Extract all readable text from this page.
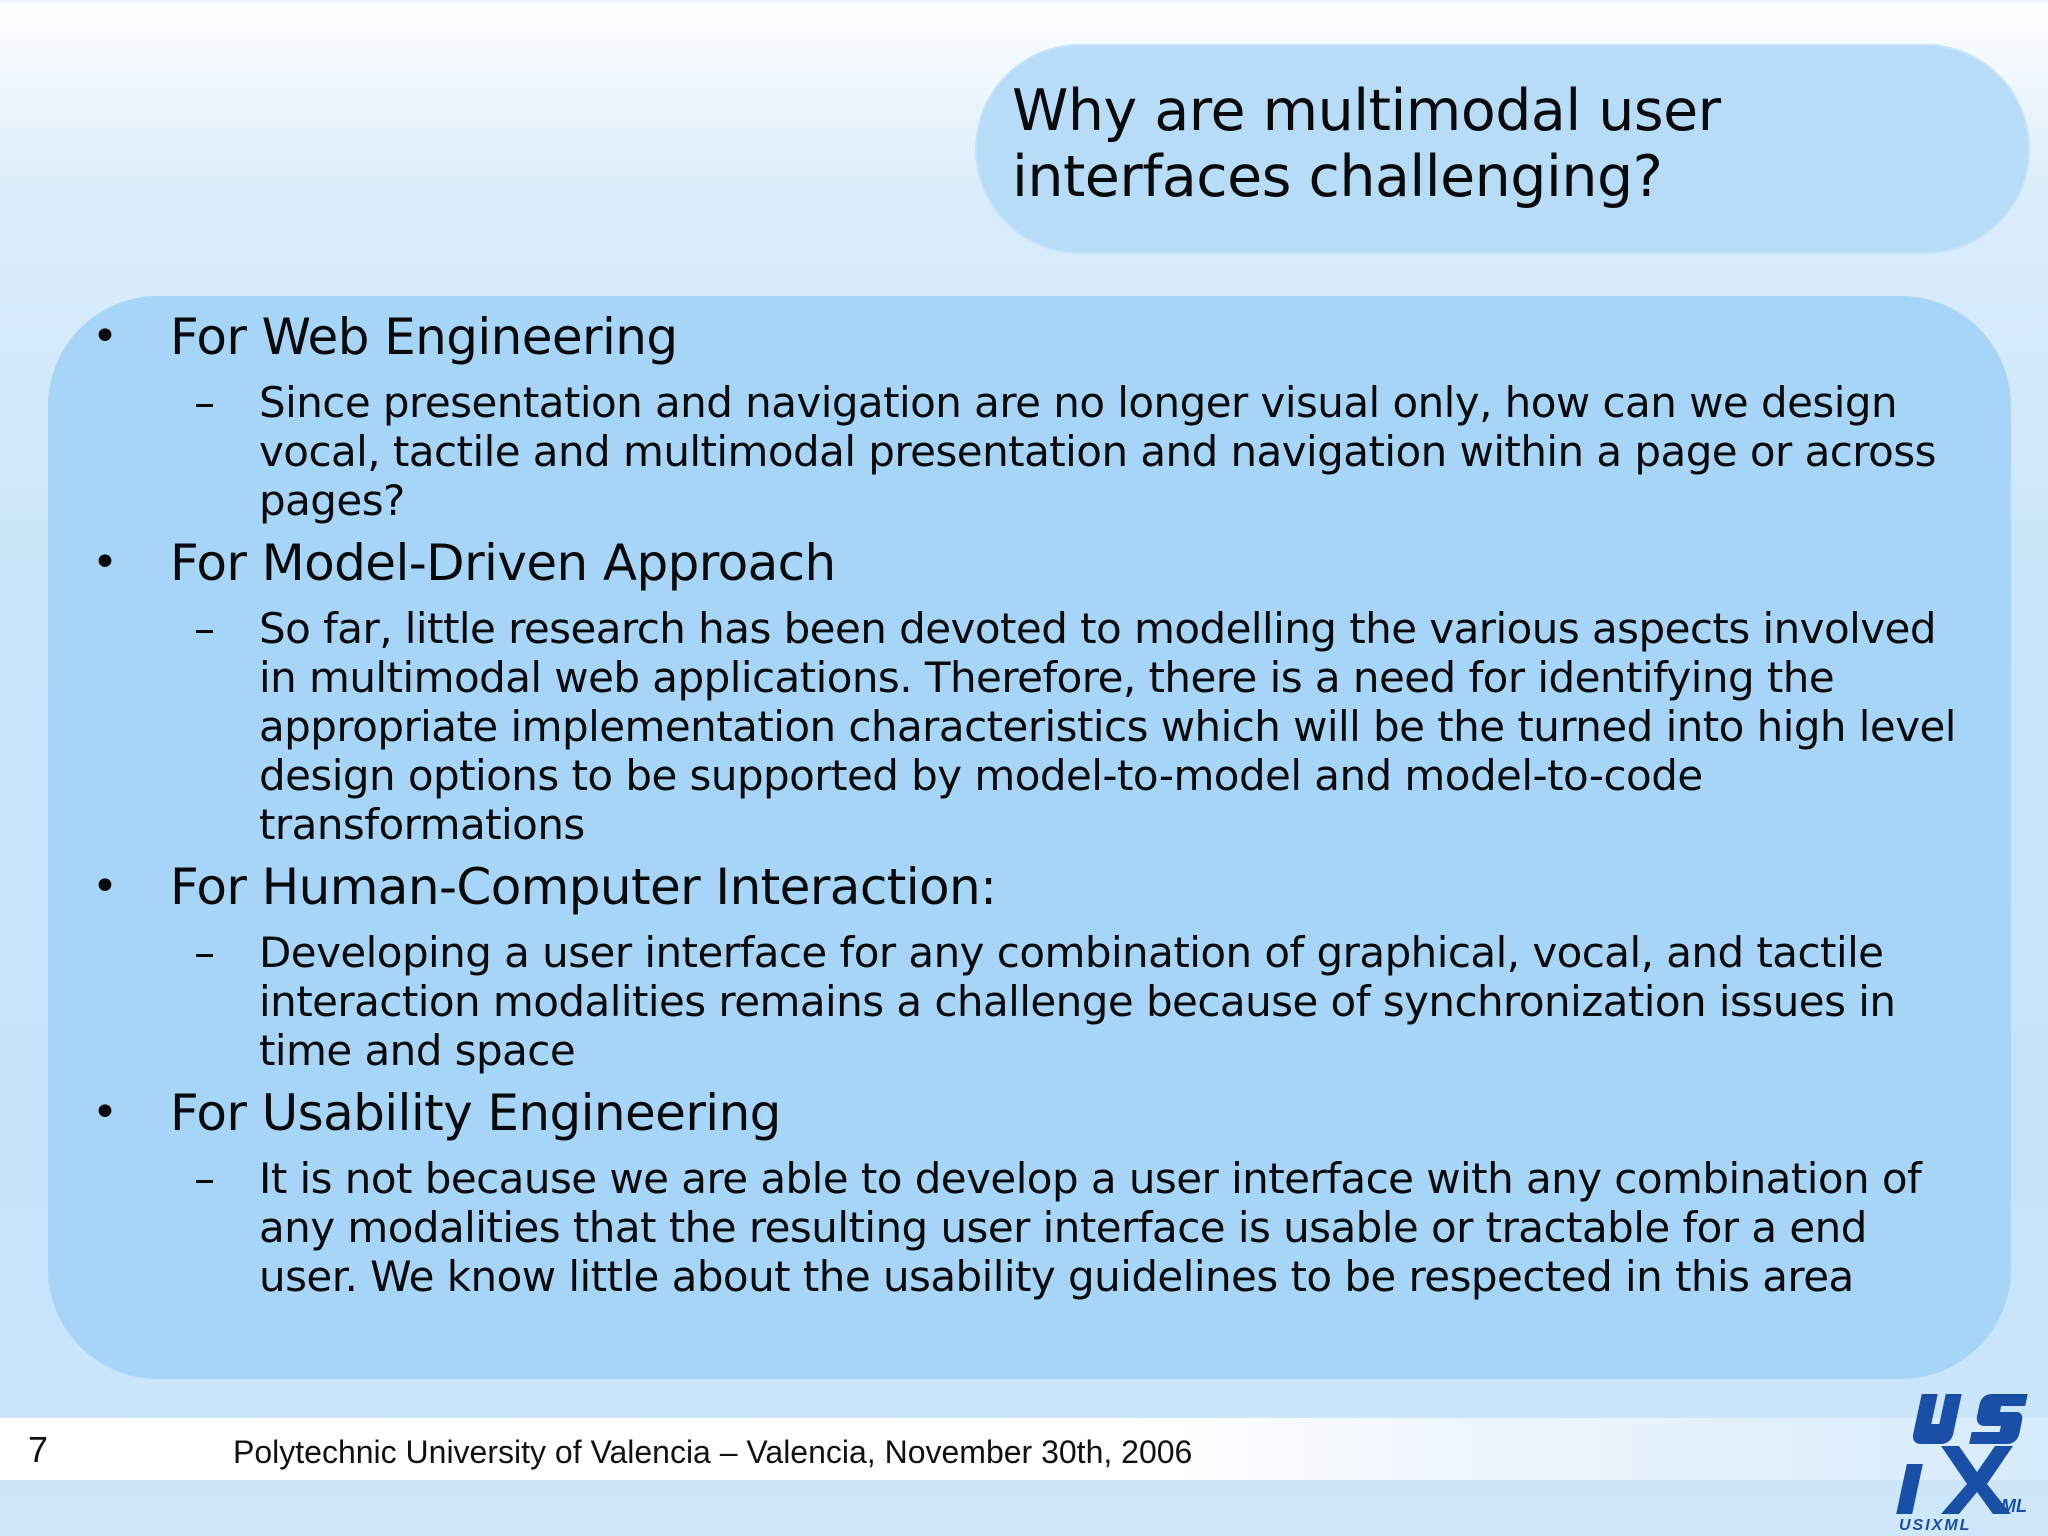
Why are multimodal user interfaces challenging?
• For Web Engineering
– Since presentation and navigation are no longer visual only, how can we design vocal, tactile and multimodal presentation and navigation within a page or across pages?
• For Model-Driven Approach
– So far, little research has been devoted to modelling the various aspects involved in multimodal web applications. Therefore, there is a need for identifying the appropriate implementation characteristics which will be the turned into high level design options to be supported by model-to-model and model-to-code transformations
• For Human-Computer Interaction:
– Developing a user interface for any combination of graphical, vocal, and tactile interaction modalities remains a challenge because of synchronization issues in time and space
• For Usability Engineering
– It is not because we are able to develop a user interface with any combination of any modalities that the resulting user interface is usable or tractable for a end user. We know little about the usability guidelines to be respected in this area
7	Polytechnic University of Valencia – Valencia, November 30th, 2006
ML
USIXML
